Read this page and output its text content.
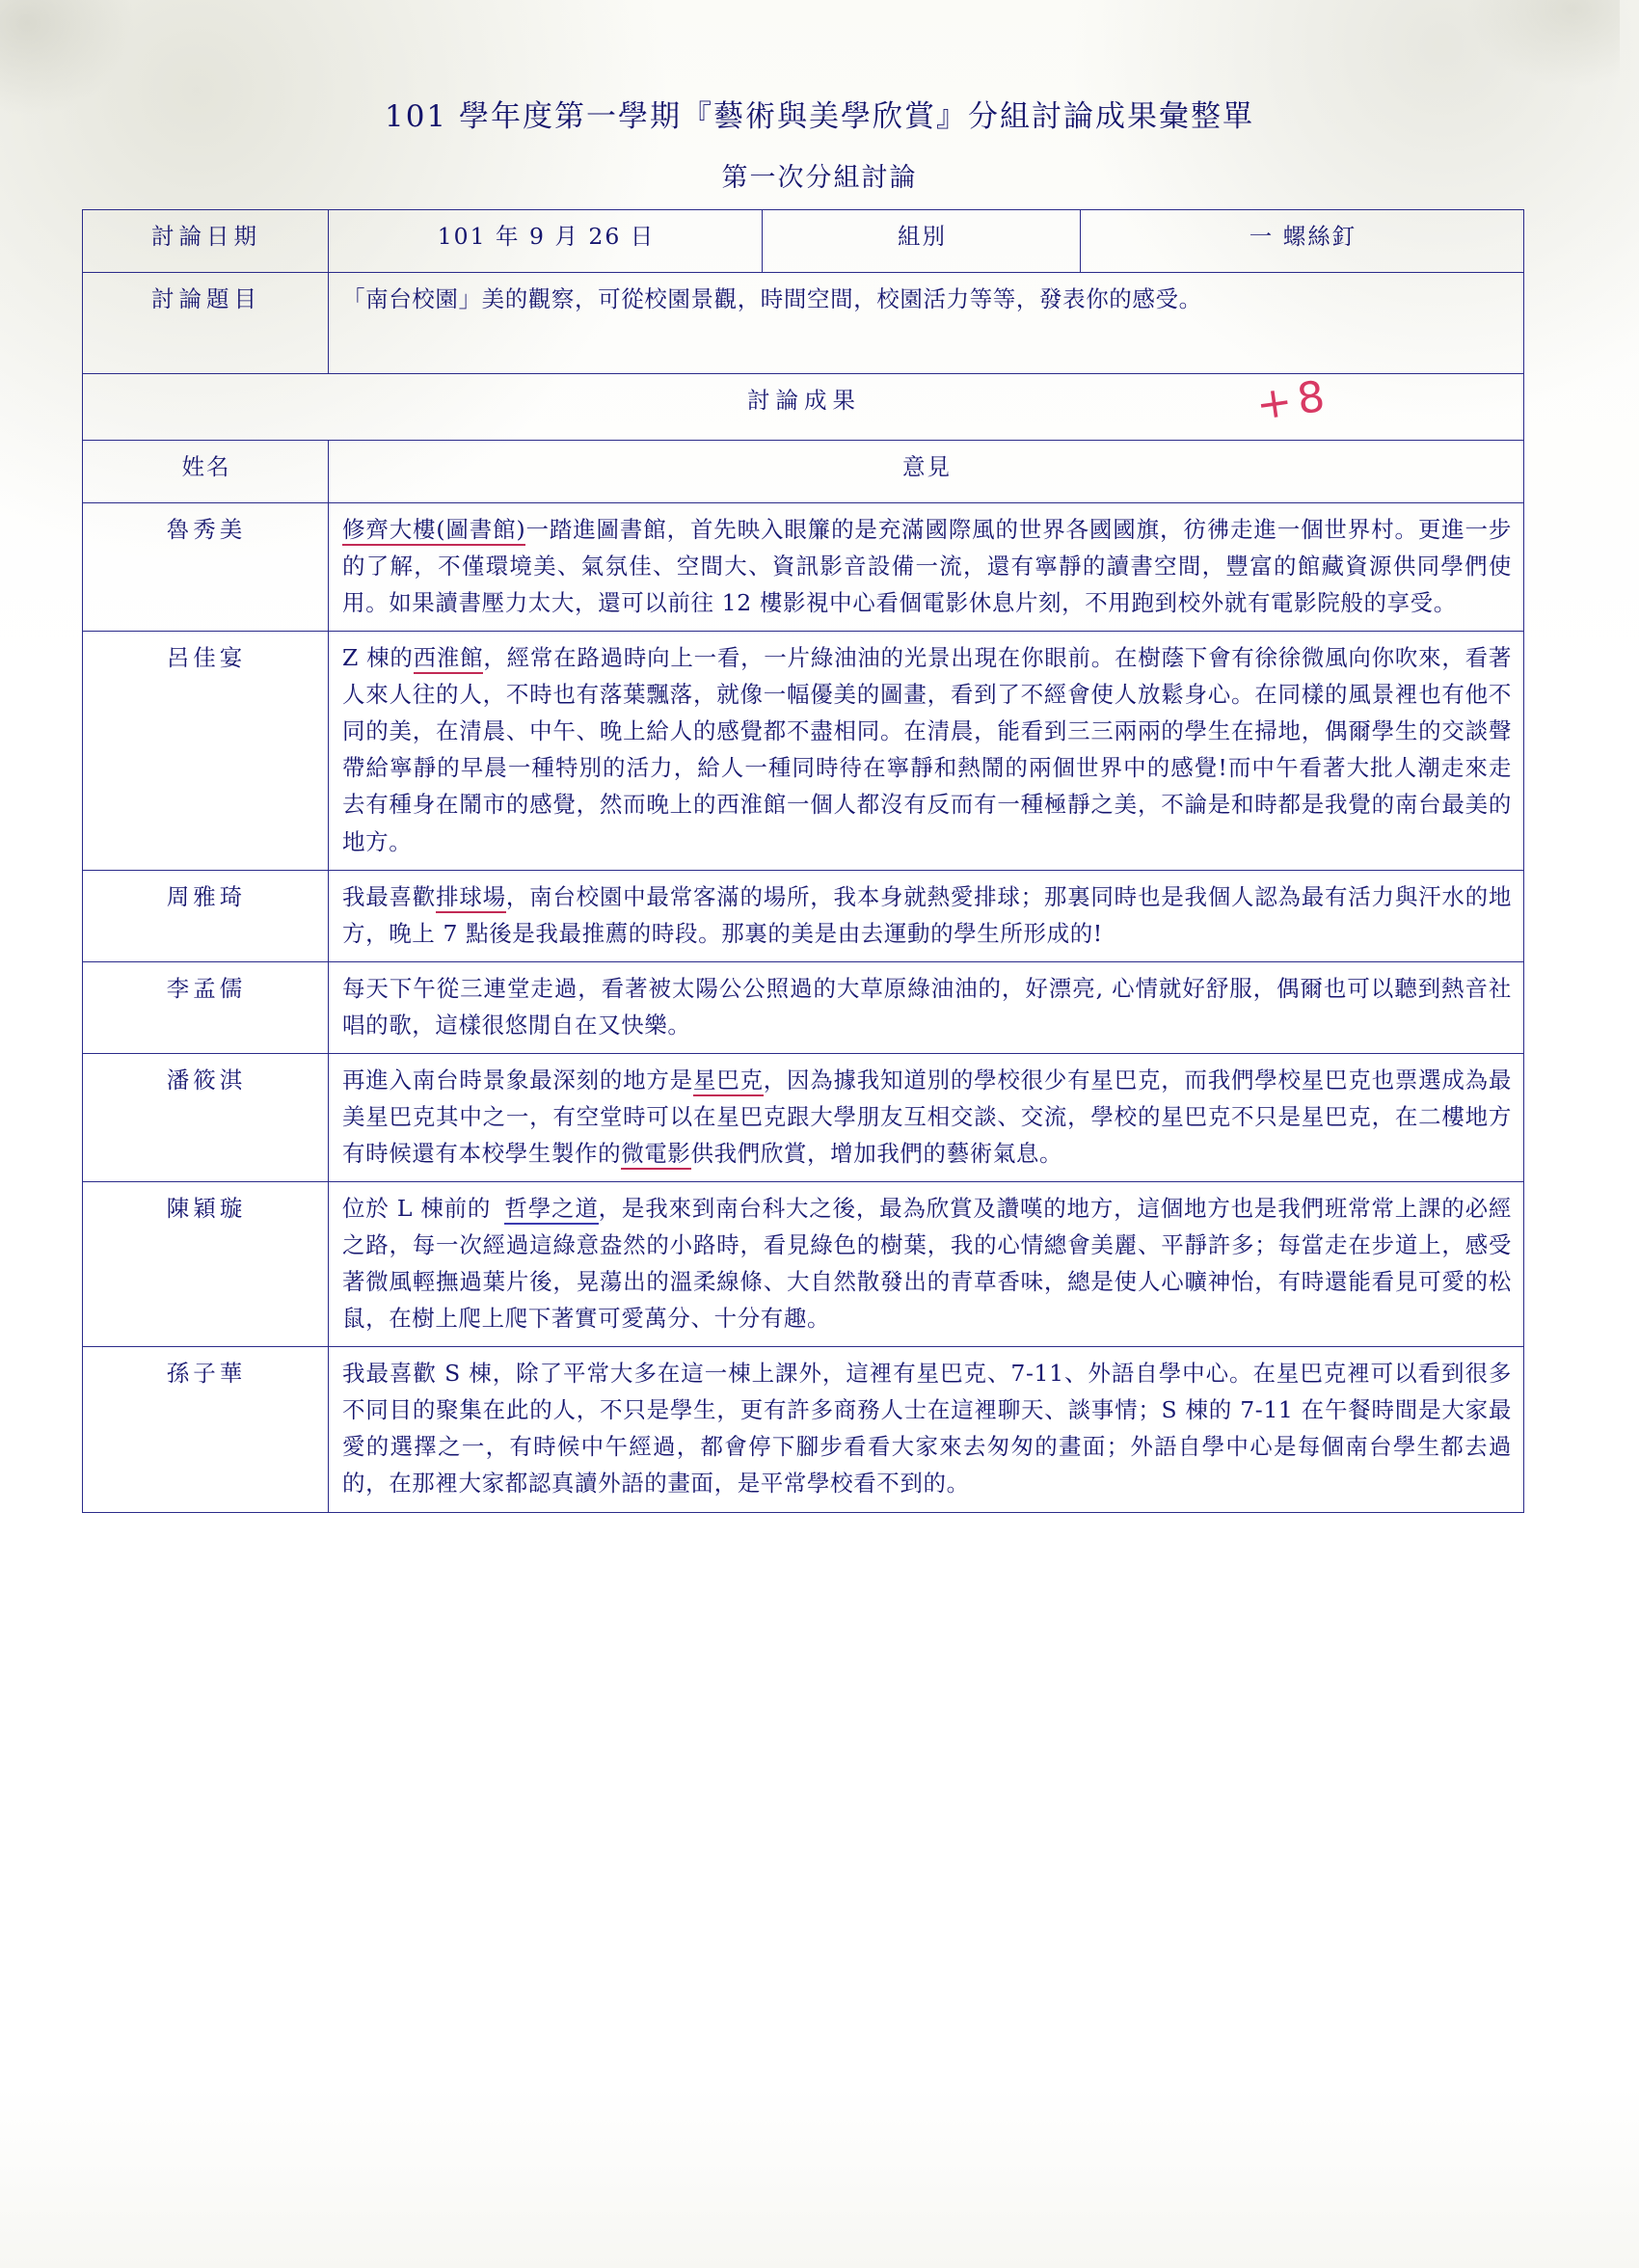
101 學年度第一學期『藝術與美學欣賞』分組討論成果彙整單
第一次分組討論
討論日期	101 年 9 月 26 日	組別	一 螺絲釘
討論題目	「南台校園」美的觀察，可從校園景觀，時間空間，校園活力等等，發表你的感受。		
討論成果 +8			

姓名	意見		
魯秀美	修齊大樓(圖書館)一踏進圖書館，首先映入眼簾的是充滿國際風的世界各國國旗，彷彿走進一個世界村。更進一步的了解，不僅環境美、氣氛佳、空間大、資訊影音設備一流，還有寧靜的讀書空間，豐富的館藏資源供同學們使用。如果讀書壓力太大，還可以前往 12 樓影視中心看個電影休息片刻，不用跑到校外就有電影院般的享受。		
呂佳宴	Z 棟的西淮館，經常在路過時向上一看，一片綠油油的光景出現在你眼前。在樹蔭下會有徐徐微風向你吹來，看著人來人往的人，不時也有落葉飄落，就像一幅優美的圖畫，看到了不經會使人放鬆身心。在同樣的風景裡也有他不同的美，在清晨、中午、晚上給人的感覺都不盡相同。在清晨，能看到三三兩兩的學生在掃地，偶爾學生的交談聲帶給寧靜的早晨一種特別的活力，給人一種同時待在寧靜和熱鬧的兩個世界中的感覺!而中午看著大批人潮走來走去有種身在鬧市的感覺，然而晚上的西淮館一個人都沒有反而有一種極靜之美，不論是和時都是我覺的南台最美的地方。		
周雅琦	我最喜歡排球場，南台校園中最常客滿的場所，我本身就熱愛排球；那裏同時也是我個人認為最有活力與汗水的地方，晚上 7 點後是我最推薦的時段。那裏的美是由去運動的學生所形成的!		
李孟儒	每天下午從三連堂走過，看著被太陽公公照過的大草原綠油油的，好漂亮, 心情就好舒服，偶爾也可以聽到熱音社唱的歌，這樣很悠閒自在又快樂。		
潘筱淇	再進入南台時景象最深刻的地方是星巴克，因為據我知道別的學校很少有星巴克，而我們學校星巴克也票選成為最美星巴克其中之一，有空堂時可以在星巴克跟大學朋友互相交談、交流，學校的星巴克不只是星巴克，在二樓地方有時候還有本校學生製作的微電影供我們欣賞，增加我們的藝術氣息。		
陳穎璇	位於 L 棟前的 哲學之道，是我來到南台科大之後，最為欣賞及讚嘆的地方，這個地方也是我們班常常上課的必經之路，每一次經過這綠意盎然的小路時，看見綠色的樹葉，我的心情總會美麗、平靜許多；每當走在步道上，感受著微風輕撫過葉片後，晃蕩出的溫柔線條、大自然散發出的青草香味，總是使人心曠神怡，有時還能看見可愛的松鼠，在樹上爬上爬下著實可愛萬分、十分有趣。		
孫子華	我最喜歡 S 棟，除了平常大多在這一棟上課外，這裡有星巴克、7-11、外語自學中心。在星巴克裡可以看到很多不同目的聚集在此的人，不只是學生，更有許多商務人士在這裡聊天、談事情；S 棟的 7-11 在午餐時間是大家最愛的選擇之一，有時候中午經過，都會停下腳步看看大家來去匆匆的畫面；外語自學中心是每個南台學生都去過的，在那裡大家都認真讀外語的畫面，是平常學校看不到的。		
